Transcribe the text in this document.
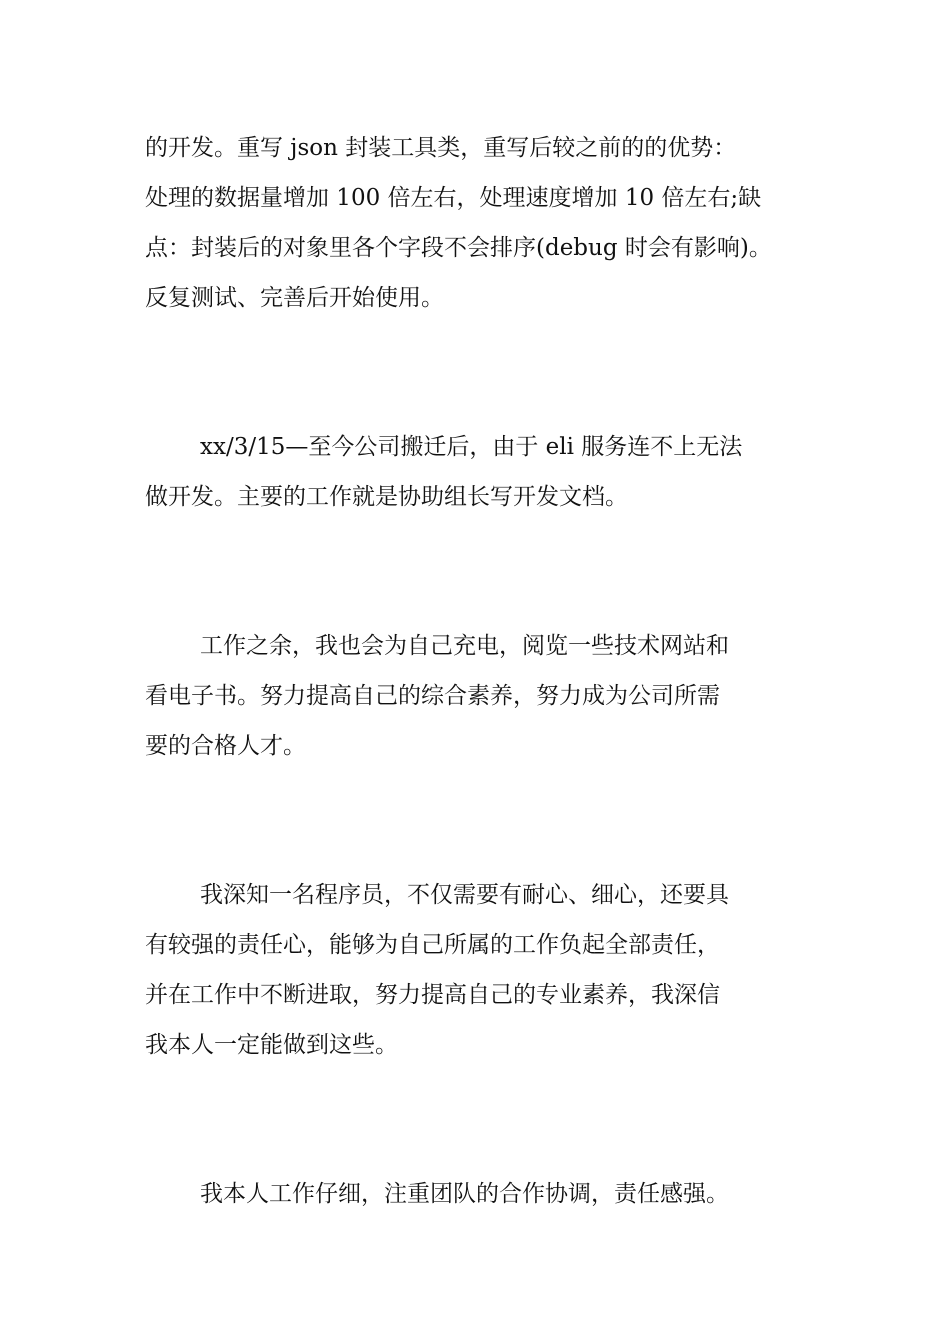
的开发。重写 json 封装工具类，重写后较之前的的优势：
处理的数据量增加 100 倍左右，处理速度增加 10 倍左右;缺
点：封装后的对象里各个字段不会排序(debug 时会有影响)。
反复测试、完善后开始使用。
xx/3/15—至今公司搬迁后，由于 eli 服务连不上无法
做开发。主要的工作就是协助组长写开发文档。
工作之余，我也会为自己充电，阅览一些技术网站和
看电子书。努力提高自己的综合素养，努力成为公司所需
要的合格人才。
我深知一名程序员，不仅需要有耐心、细心，还要具
有较强的责任心，能够为自己所属的工作负起全部责任，
并在工作中不断进取，努力提高自己的专业素养，我深信
我本人一定能做到这些。
我本人工作仔细，注重团队的合作协调，责任感强。
